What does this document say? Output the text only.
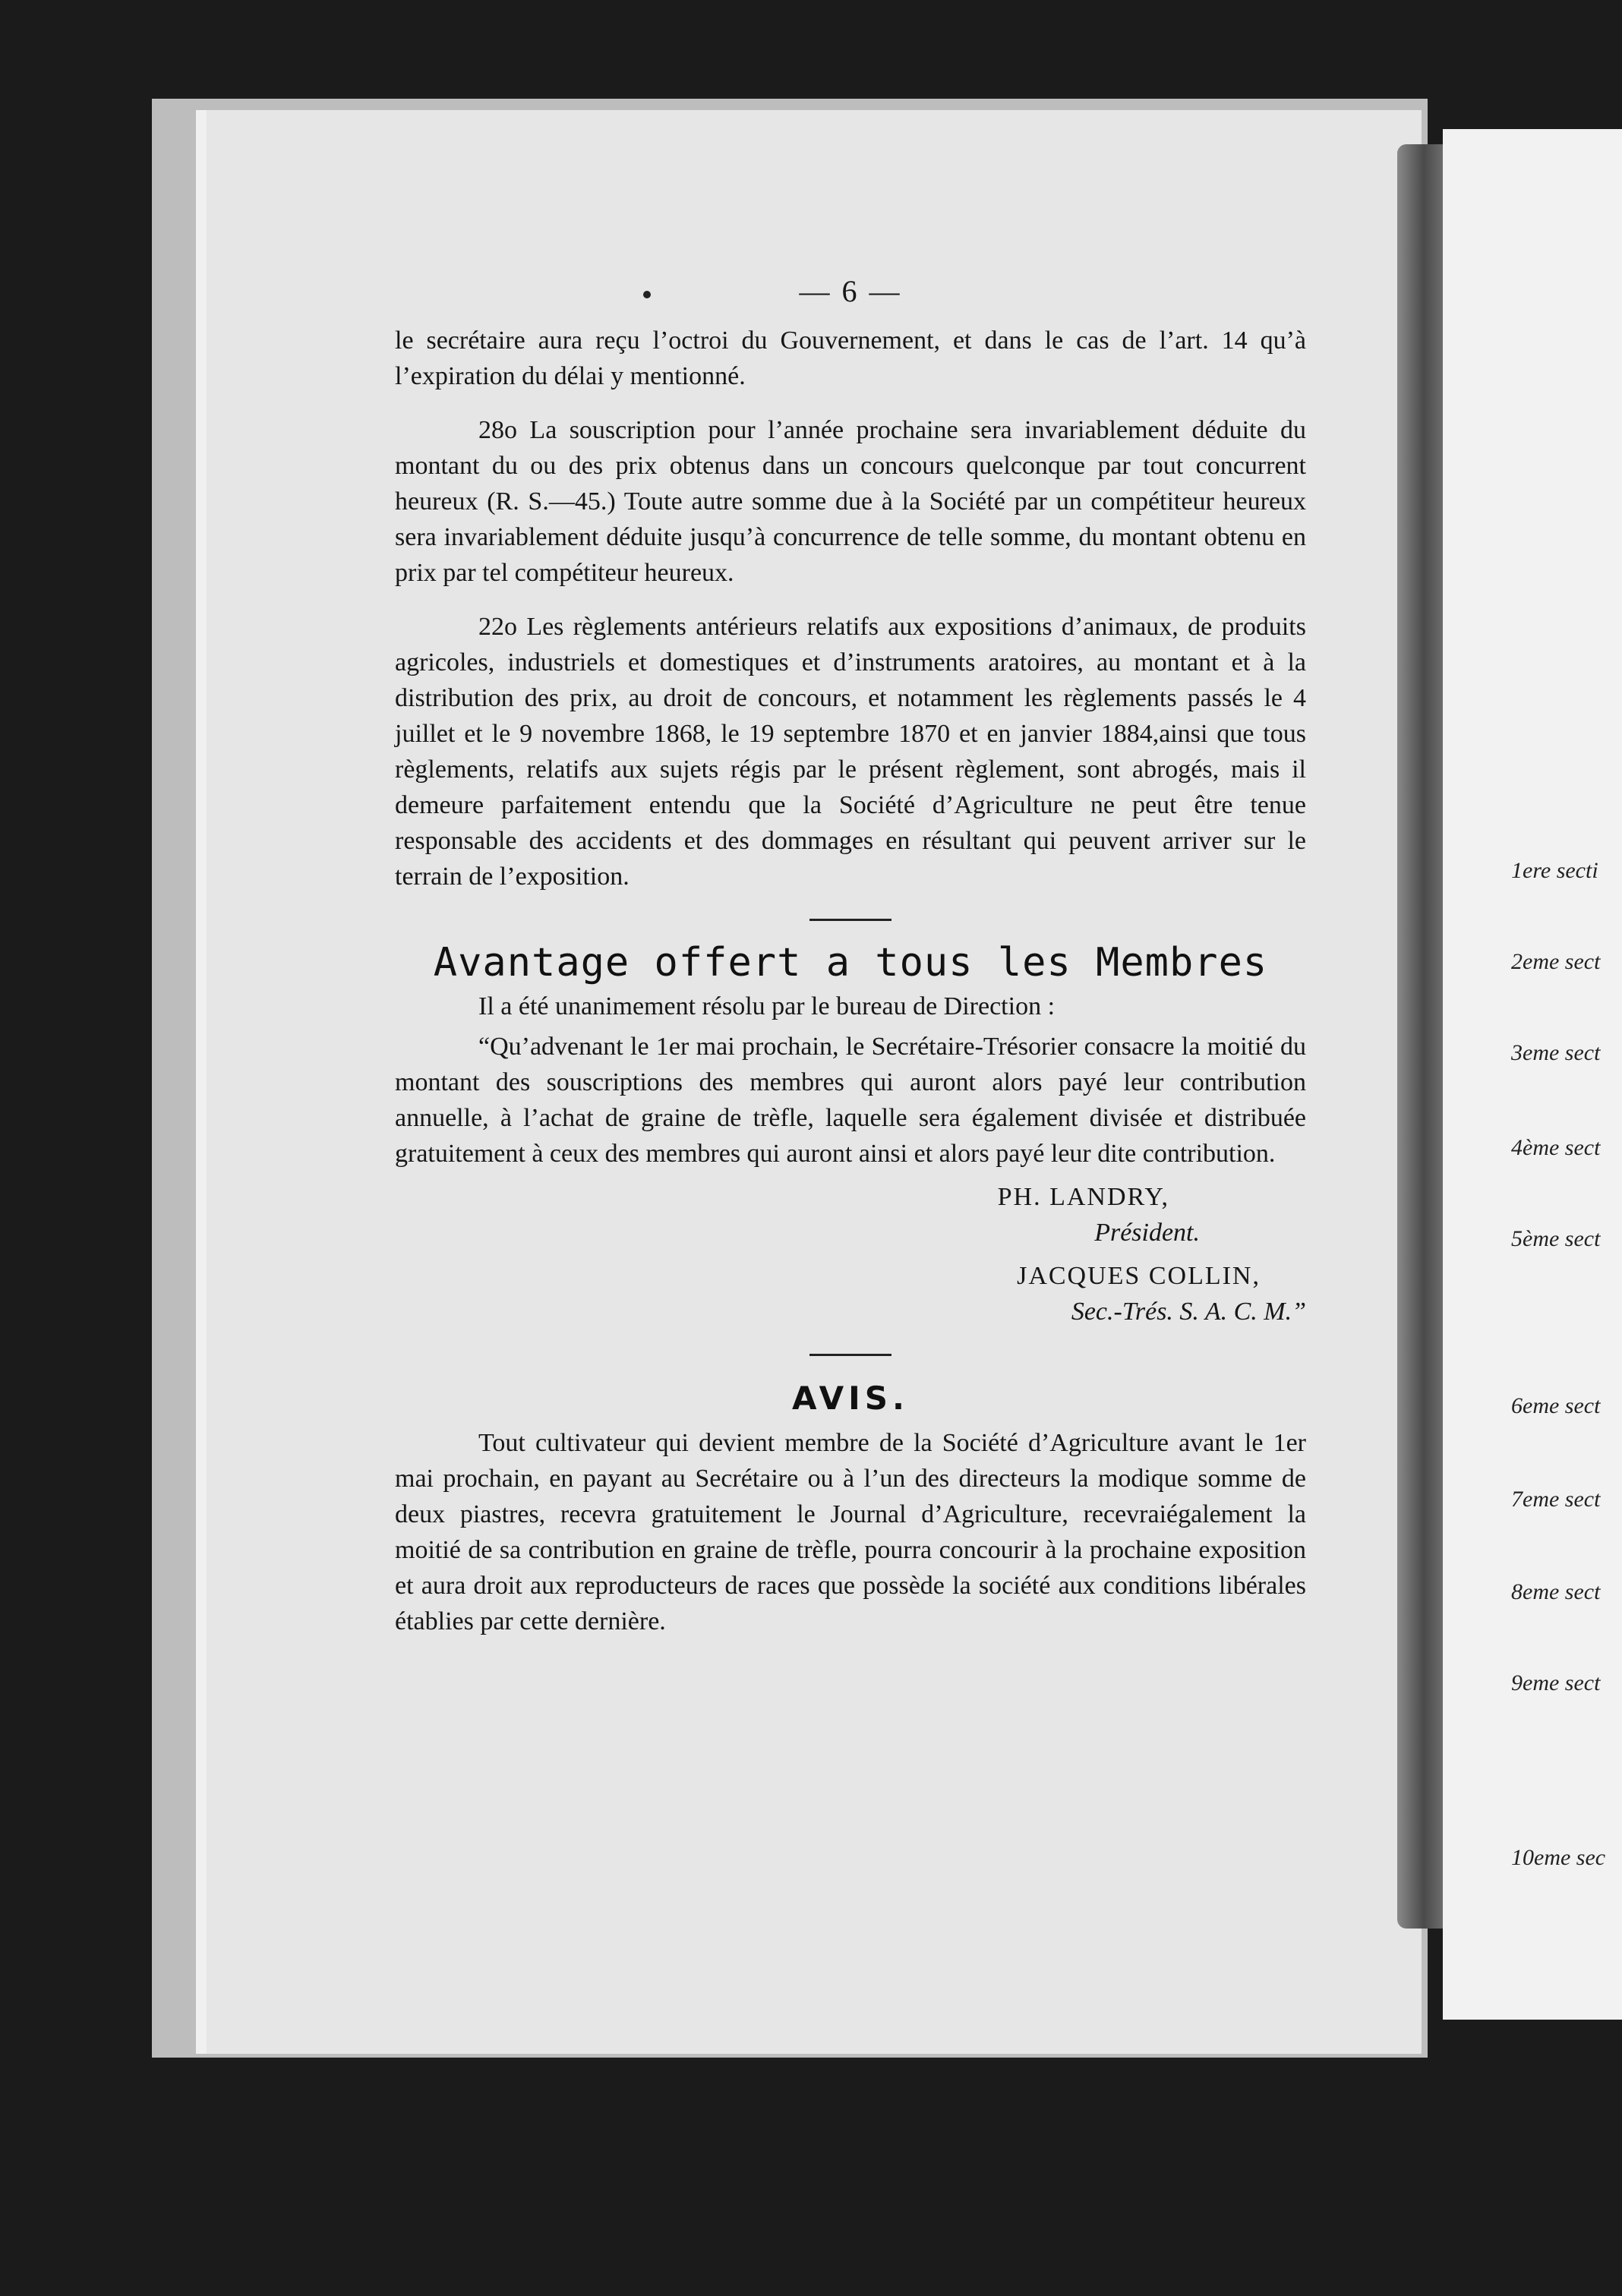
— 6 —

le secrétaire aura reçu l’octroi du Gouvernement, et dans le cas de l’art. 14 qu’à l’expiration du délai y mentionné.

28o La souscription pour l’année prochaine sera invariablement déduite du montant du ou des prix obtenus dans un concours quelconque par tout concurrent heureux (R. S.—45.) Toute autre somme due à la Société par un compétiteur heureux sera invariablement déduite jusqu’à concurrence de telle somme, du montant obtenu en prix par tel compétiteur heureux.

22o Les règlements antérieurs relatifs aux expositions d’animaux, de produits agricoles, industriels et domestiques et d’instruments aratoires, au montant et à la distribution des prix, au droit de concours, et notamment les règlements passés le 4 juillet et le 9 novembre 1868, le 19 septembre 1870 et en janvier 1884,ainsi que tous règlements, relatifs aux sujets régis par le présent règlement, sont abrogés, mais il demeure parfaitement entendu que la Société d’Agriculture ne peut être tenue responsable des accidents et des dommages en résultant qui peuvent arriver sur le terrain de l’exposition.

Avantage offert a tous les Membres

Il a été unanimement résolu par le bureau de Direction :

“Qu’advenant le 1er mai prochain, le Secrétaire-Trésorier consacre la moitié du montant des souscriptions des membres qui auront alors payé leur contribution annuelle, à l’achat de graine de trèfle, laquelle sera également divisée et distribuée gratuitement à ceux des membres qui auront ainsi et alors payé leur dite contribution.

PH. LANDRY,
Président.
JACQUES COLLIN,
Sec.-Trés. S. A. C. M.”
AVIS.

Tout cultivateur qui devient membre de la Société d’Agriculture avant le 1er mai prochain, en payant au Secrétaire ou à l’un des directeurs la modique somme de deux piastres, recevra gratuitement le Journal d’Agriculture, recevraiégalement la moitié de sa contribution en graine de trèfle, pourra concourir à la prochaine exposition et aura droit aux reproducteurs de races que possède la société aux conditions libérales établies par cette dernière.

1ere secti
2eme sect
3eme sect
4ème sect
5ème sect
6eme sect
7eme sect
8eme sect
9eme sect
10eme sec
